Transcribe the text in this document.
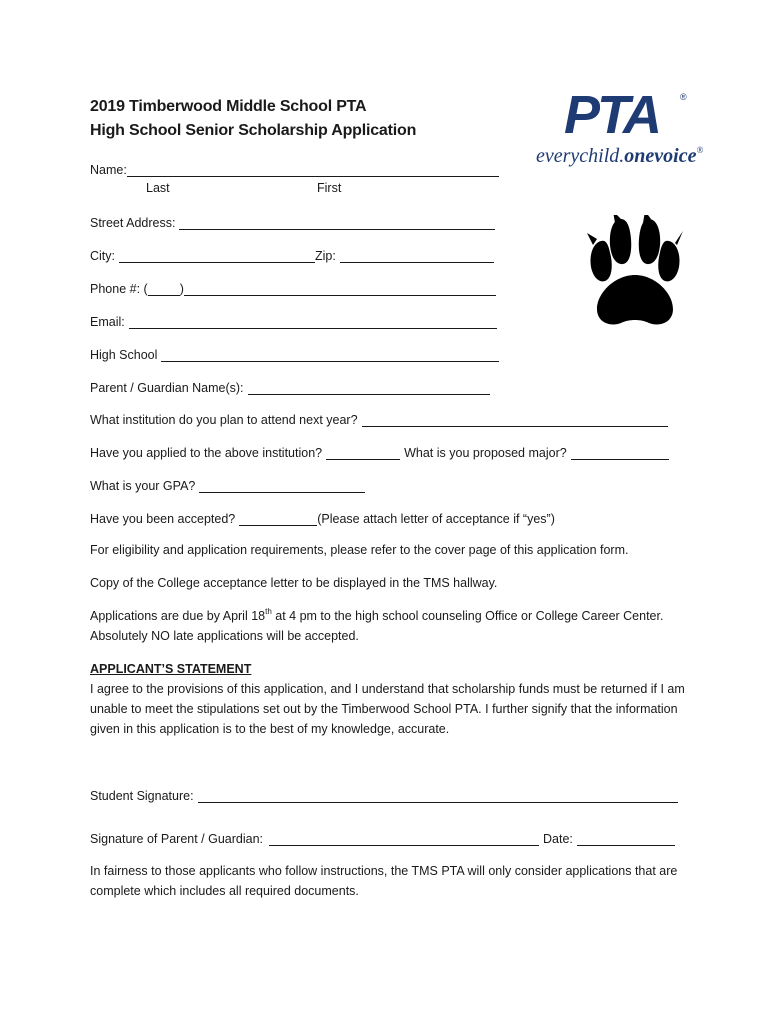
2019 Timberwood Middle School PTA
High School Senior Scholarship Application	PTA ®
everychild.onevoice®
Name:
Last	First
Street Address:
City:	Zip:
Phone #: (	)
Email:
High School
Parent / Guardian Name(s):
What institution do you plan to attend next year?
Have you applied to the above institution?	What is you proposed major?
What is your GPA?
Have you been accepted?	(Please attach letter of acceptance if “yes”)
For eligibility and application requirements, please refer to the cover page of this application form.
Copy of the College acceptance letter to be displayed in the TMS hallway.
Applications are due by April 18th at 4 pm to the high school counseling Office or College Career Center.
Absolutely NO late applications will be accepted.
APPLICANT’S STATEMENT
I agree to the provisions of this application, and I understand that scholarship funds must be returned if I am unable to meet the stipulations set out by the Timberwood School PTA. I further signify that the information given in this application is to the best of my knowledge, accurate.
Student Signature:
Signature of Parent / Guardian:	Date:
In fairness to those applicants who follow instructions, the TMS PTA will only consider applications that are complete which includes all required documents.
